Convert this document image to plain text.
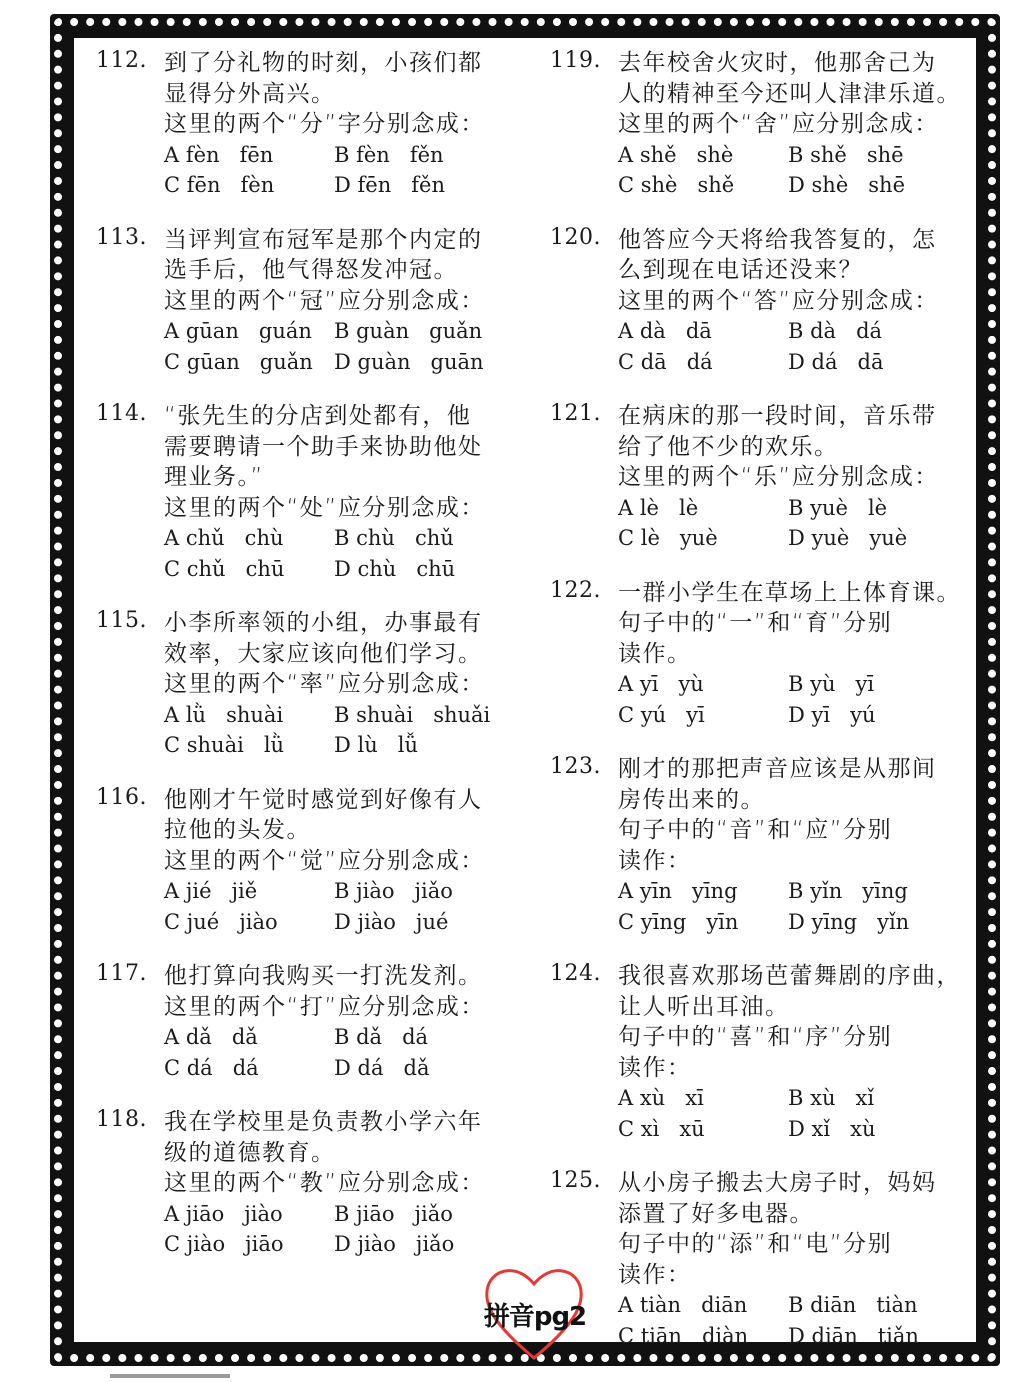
112. 到了分礼物的时刻，小孩们都
显得分外高兴。
这里的两个“分”字分别念成：
A fèn   fēn	B fèn   fěn
C fēn   fèn	D fēn   fěn
113. 当评判宣布冠军是那个内定的
选手后，他气得怒发冲冠。
这里的两个“冠”应分别念成：
A gūan   guán	B guàn   guǎn
C gūan   guǎn	D guàn   guān
114. “张先生的分店到处都有，他
需要聘请一个助手来协助他处
理业务。”
这里的两个“处”应分别念成：
A chǔ   chù	B chù   chǔ
C chǔ   chū	D chù   chū
115. 小李所率领的小组，办事最有
效率，大家应该向他们学习。
这里的两个“率”应分别念成：
A lǜ   shuài	B shuài   shuǎi
C shuài   lǜ	D lù   lǚ
116. 他刚才午觉时感觉到好像有人
拉他的头发。
这里的两个“觉”应分别念成：
A jié   jiě	B jiào   jiǎo
C jué   jiào	D jiào   jué
117. 他打算向我购买一打洗发剂。
这里的两个“打”应分别念成：
A dǎ   dǎ	B dǎ   dá
C dá   dá	D dá   dǎ
118. 我在学校里是负责教小学六年
级的道德教育。
这里的两个“教”应分别念成：
A jiāo   jiào	B jiāo   jiǎo
C jiào   jiāo	D jiào   jiǎo
119. 去年校舍火灾时，他那舍己为
人的精神至今还叫人津津乐道。
这里的两个“舍”应分别念成：
A shě   shè	B shě   shē
C shè   shě	D shè   shē
120. 他答应今天将给我答复的，怎
么到现在电话还没来？
这里的两个“答”应分别念成：
A dà   dā	B dà   dá
C dā   dá	D dá   dā
121. 在病床的那一段时间，音乐带
给了他不少的欢乐。
这里的两个“乐”应分别念成：
A lè   lè	B yuè   lè
C lè   yuè	D yuè   yuè
122. 一群小学生在草场上上体育课。
句子中的“一”和“育”分别
读作。
A yī   yù	B yù   yī
C yú   yī	D yī   yú
123. 刚才的那把声音应该是从那间
房传出来的。
句子中的“音”和“应”分别
读作：
A yīn   yīng	B yǐn   yīng
C yīng   yīn	D yīng   yǐn
124. 我很喜欢那场芭蕾舞剧的序曲，
让人听出耳油。
句子中的“喜”和“序”分别
读作：
A xù   xī	B xù   xǐ
C xì   xū	D xǐ   xù
125. 从小房子搬去大房子时，妈妈
添置了好多电器。
句子中的“添”和“电”分别
读作：
A tiàn   diān	B diān   tiàn
C tiān   diàn	D diān   tiǎn
拼音pg2
